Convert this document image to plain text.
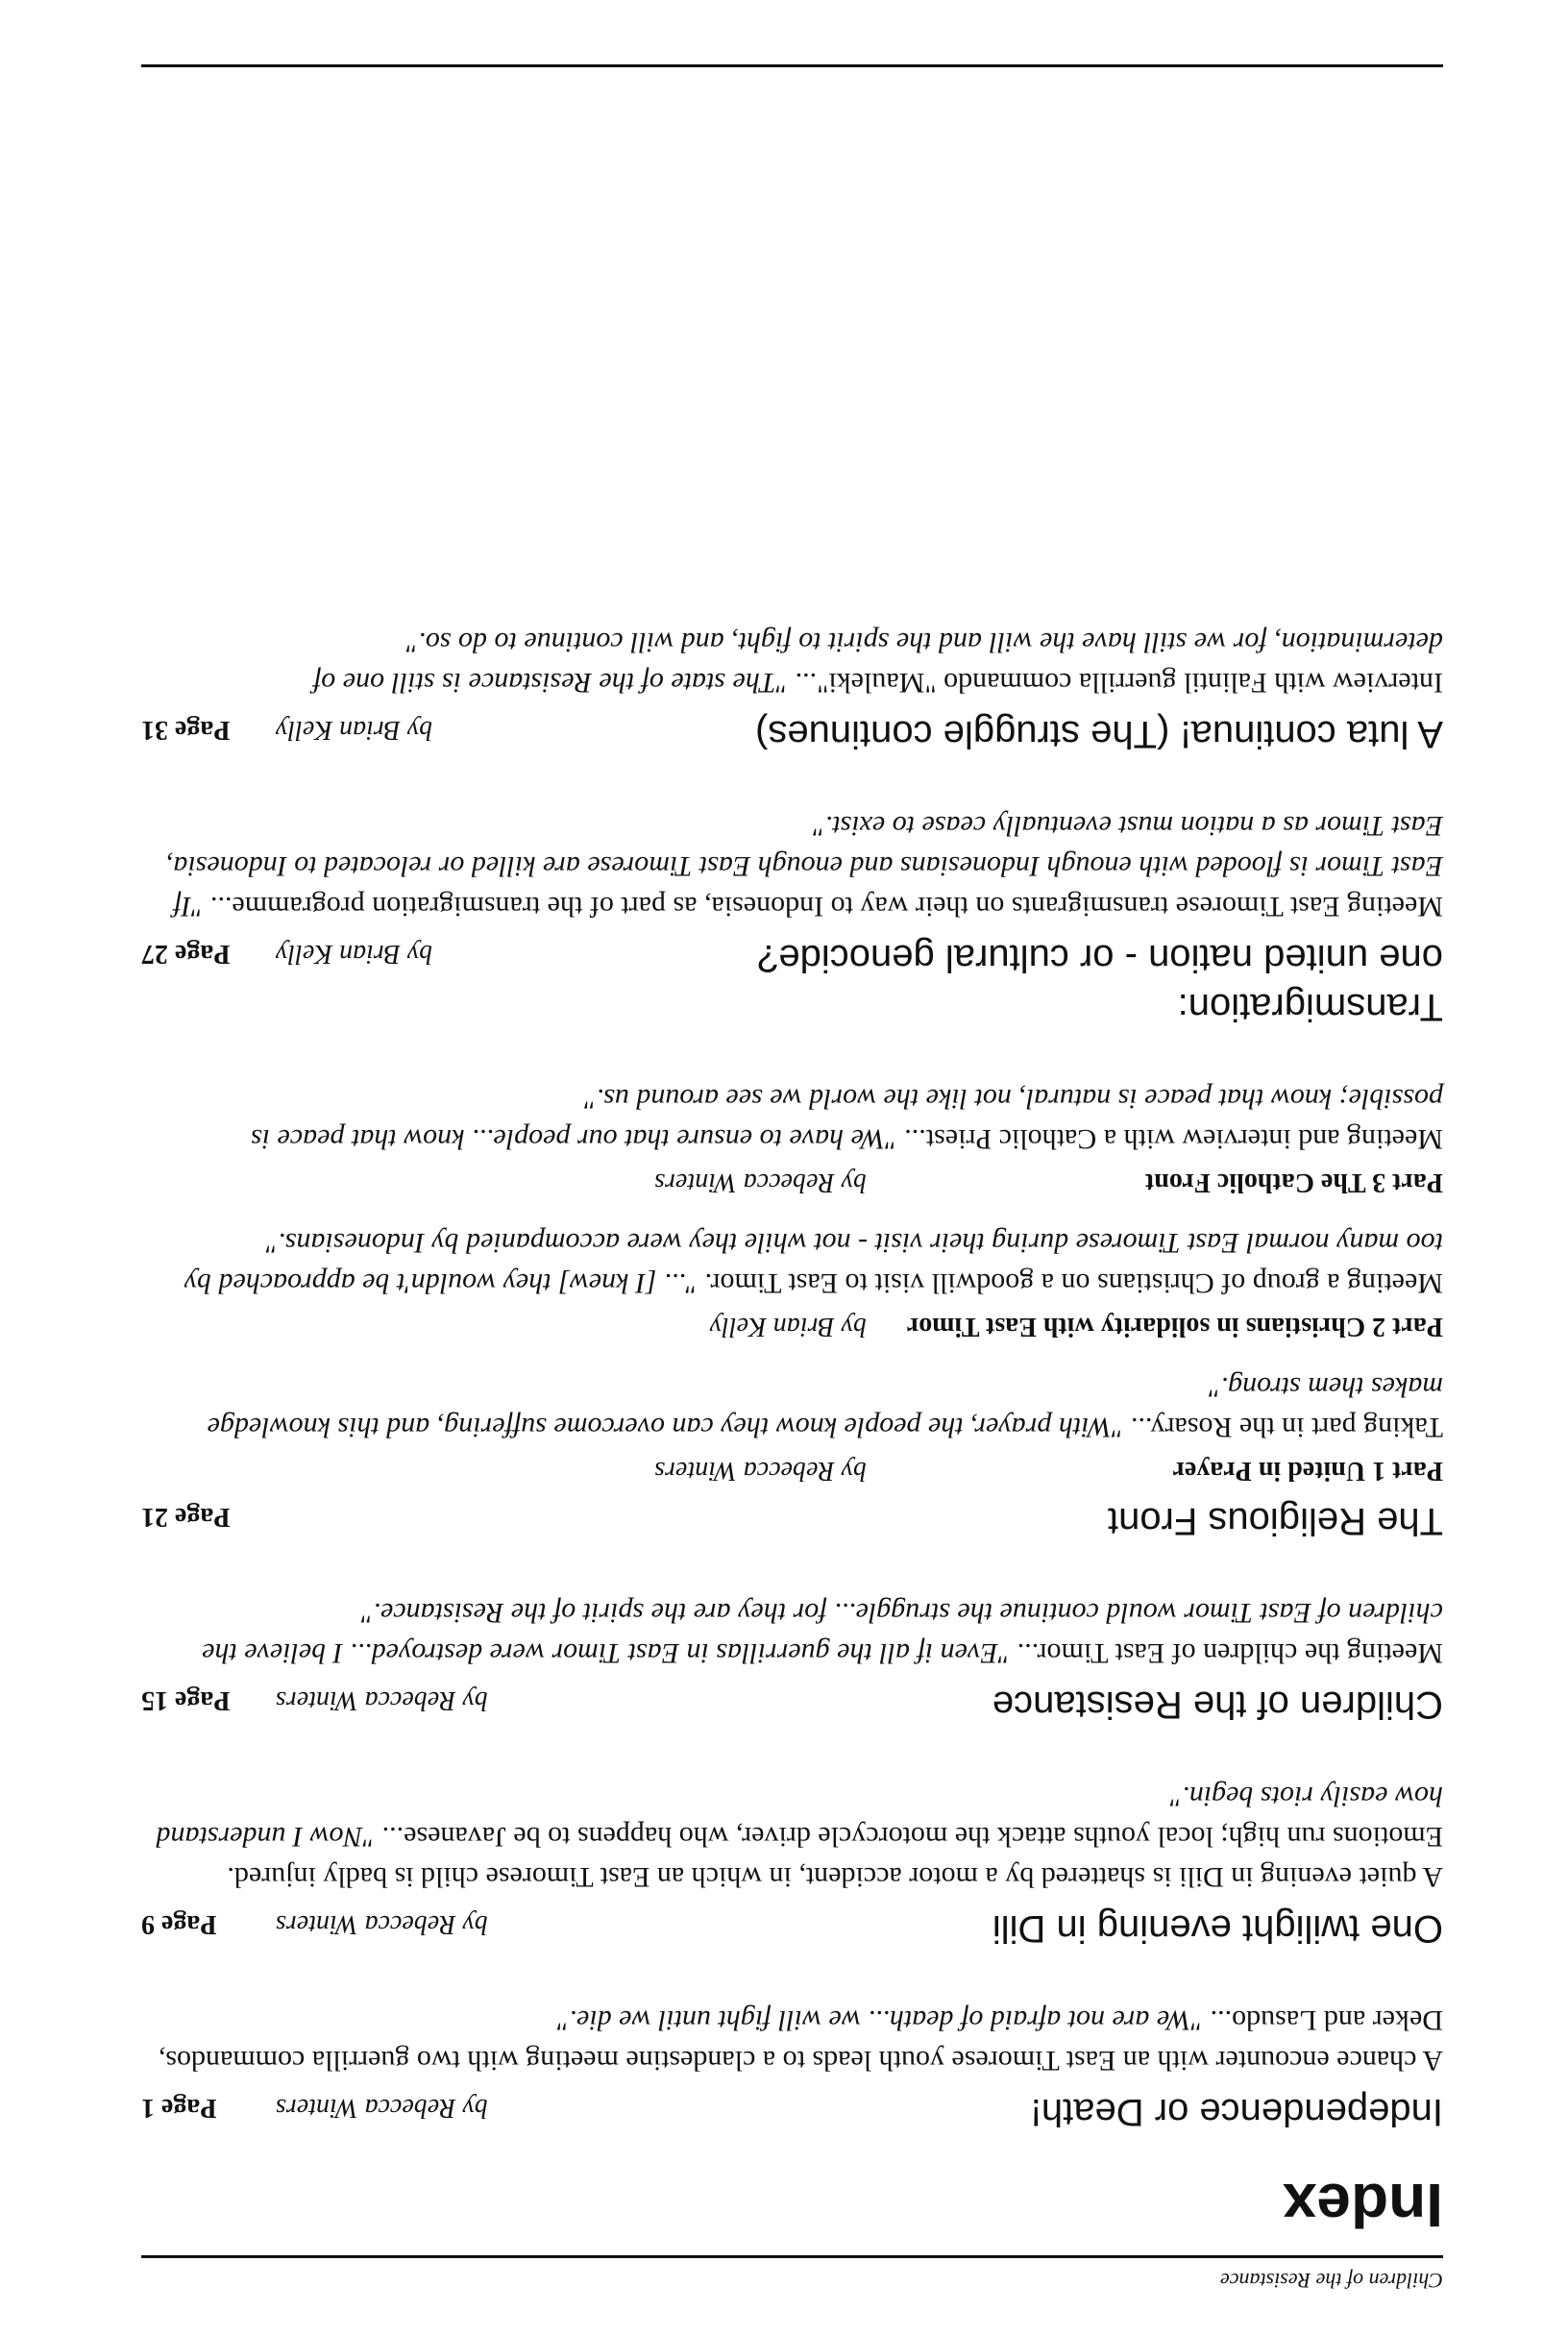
Children of the Resistance
Index
Independence or Death!
by Rebecca Winters
Page 1
A chance encounter with an East Timorese youth leads to a clandestine meeting with two guerrilla commandos, Deker and Lasudo... "We are not afraid of death... we will fight until we die."
One twilight evening in Dili
by Rebecca Winters
Page 9
A quiet evening in Dili is shattered by a motor accident, in which an East Timorese child is badly injured. Emotions run high; local youths attack the motorcycle driver, who happens to be Javanese... "Now I understand how easily riots begin."
Children of the Resistance
by Rebecca Winters
Page 15
Meeting the children of East Timor... "Even if all the guerrillas in East Timor were destroyed... I believe the children of East Timor would continue the struggle... for they are the spirit of the Resistance."
The Religious Front
Page 21
Part 1 United in Prayer
by Rebecca Winters
Taking part in the Rosary... "With prayer, the people know they can overcome suffering, and this knowledge makes them strong."
Part 2 Christians in solidarity with East Timor
by Brian Kelly
Meeting a group of Christians on a goodwill visit to East Timor. "... [I knew] they wouldn't be approached by too many normal East Timorese during their visit - not while they were accompanied by Indonesians."
Part 3 The Catholic Front
by Rebecca Winters
Meeting and interview with a Catholic Priest... "We have to ensure that our people... know that peace is possible; know that peace is natural, not like the world we see around us."
Transmigration:
one united nation - or cultural genocide?
by Brian Kelly
Page 27
Meeting East Timorese transmigrants on their way to Indonesia, as part of the transmigration programme... "If East Timor is flooded with enough Indonesians and enough East Timorese are killed or relocated to Indonesia, East Timor as a nation must eventually cease to exist."
A luta continua! (The struggle continues)
by Brian Kelly
Page 31
Interview with Falintil guerrilla commando "Mauleki"... "The state of the Resistance is still one of determination, for we still have the will and the spirit to fight, and will continue to do so."
